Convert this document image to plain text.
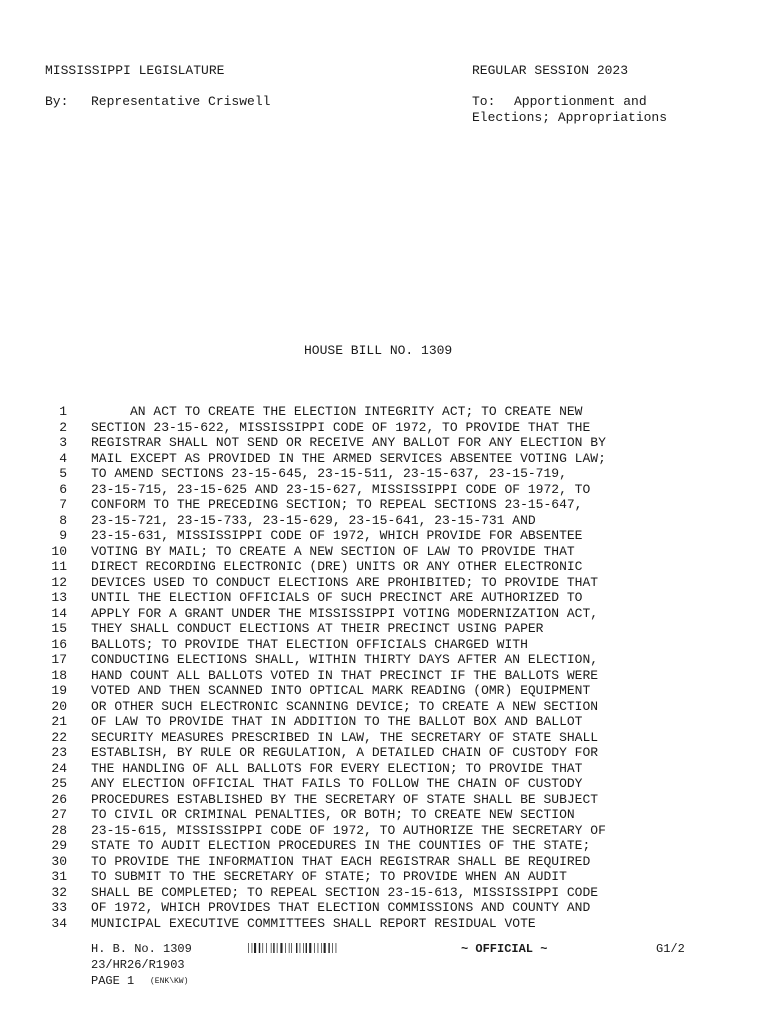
MISSISSIPPI LEGISLATURE	REGULAR SESSION 2023
By: Representative Criswell	To: Apportionment and
Elections; Appropriations
HOUSE BILL NO. 1309
1 AN ACT TO CREATE THE ELECTION INTEGRITY ACT; TO CREATE NEW
2 SECTION 23-15-622, MISSISSIPPI CODE OF 1972, TO PROVIDE THAT THE
3 REGISTRAR SHALL NOT SEND OR RECEIVE ANY BALLOT FOR ANY ELECTION BY
4 MAIL EXCEPT AS PROVIDED IN THE ARMED SERVICES ABSENTEE VOTING LAW;
5 TO AMEND SECTIONS 23-15-645, 23-15-511, 23-15-637, 23-15-719,
6 23-15-715, 23-15-625 AND 23-15-627, MISSISSIPPI CODE OF 1972, TO
7 CONFORM TO THE PRECEDING SECTION; TO REPEAL SECTIONS 23-15-647,
8 23-15-721, 23-15-733, 23-15-629, 23-15-641, 23-15-731 AND
9 23-15-631, MISSISSIPPI CODE OF 1972, WHICH PROVIDE FOR ABSENTEE
10 VOTING BY MAIL; TO CREATE A NEW SECTION OF LAW TO PROVIDE THAT
11 DIRECT RECORDING ELECTRONIC (DRE) UNITS OR ANY OTHER ELECTRONIC
12 DEVICES USED TO CONDUCT ELECTIONS ARE PROHIBITED; TO PROVIDE THAT
13 UNTIL THE ELECTION OFFICIALS OF SUCH PRECINCT ARE AUTHORIZED TO
14 APPLY FOR A GRANT UNDER THE MISSISSIPPI VOTING MODERNIZATION ACT,
15 THEY SHALL CONDUCT ELECTIONS AT THEIR PRECINCT USING PAPER
16 BALLOTS; TO PROVIDE THAT ELECTION OFFICIALS CHARGED WITH
17 CONDUCTING ELECTIONS SHALL, WITHIN THIRTY DAYS AFTER AN ELECTION,
18 HAND COUNT ALL BALLOTS VOTED IN THAT PRECINCT IF THE BALLOTS WERE
19 VOTED AND THEN SCANNED INTO OPTICAL MARK READING (OMR) EQUIPMENT
20 OR OTHER SUCH ELECTRONIC SCANNING DEVICE; TO CREATE A NEW SECTION
21 OF LAW TO PROVIDE THAT IN ADDITION TO THE BALLOT BOX AND BALLOT
22 SECURITY MEASURES PRESCRIBED IN LAW, THE SECRETARY OF STATE SHALL
23 ESTABLISH, BY RULE OR REGULATION, A DETAILED CHAIN OF CUSTODY FOR
24 THE HANDLING OF ALL BALLOTS FOR EVERY ELECTION; TO PROVIDE THAT
25 ANY ELECTION OFFICIAL THAT FAILS TO FOLLOW THE CHAIN OF CUSTODY
26 PROCEDURES ESTABLISHED BY THE SECRETARY OF STATE SHALL BE SUBJECT
27 TO CIVIL OR CRIMINAL PENALTIES, OR BOTH; TO CREATE NEW SECTION
28 23-15-615, MISSISSIPPI CODE OF 1972, TO AUTHORIZE THE SECRETARY OF
29 STATE TO AUDIT ELECTION PROCEDURES IN THE COUNTIES OF THE STATE;
30 TO PROVIDE THE INFORMATION THAT EACH REGISTRAR SHALL BE REQUIRED
31 TO SUBMIT TO THE SECRETARY OF STATE; TO PROVIDE WHEN AN AUDIT
32 SHALL BE COMPLETED; TO REPEAL SECTION 23-15-613, MISSISSIPPI CODE
33 OF 1972, WHICH PROVIDES THAT ELECTION COMMISSIONS AND COUNTY AND
34 MUNICIPAL EXECUTIVE COMMITTEES SHALL REPORT RESIDUAL VOTE
H. B. No. 1309	~ OFFICIAL ~	G1/2
23/HR26/R1903
PAGE 1 (ENK\KW)
